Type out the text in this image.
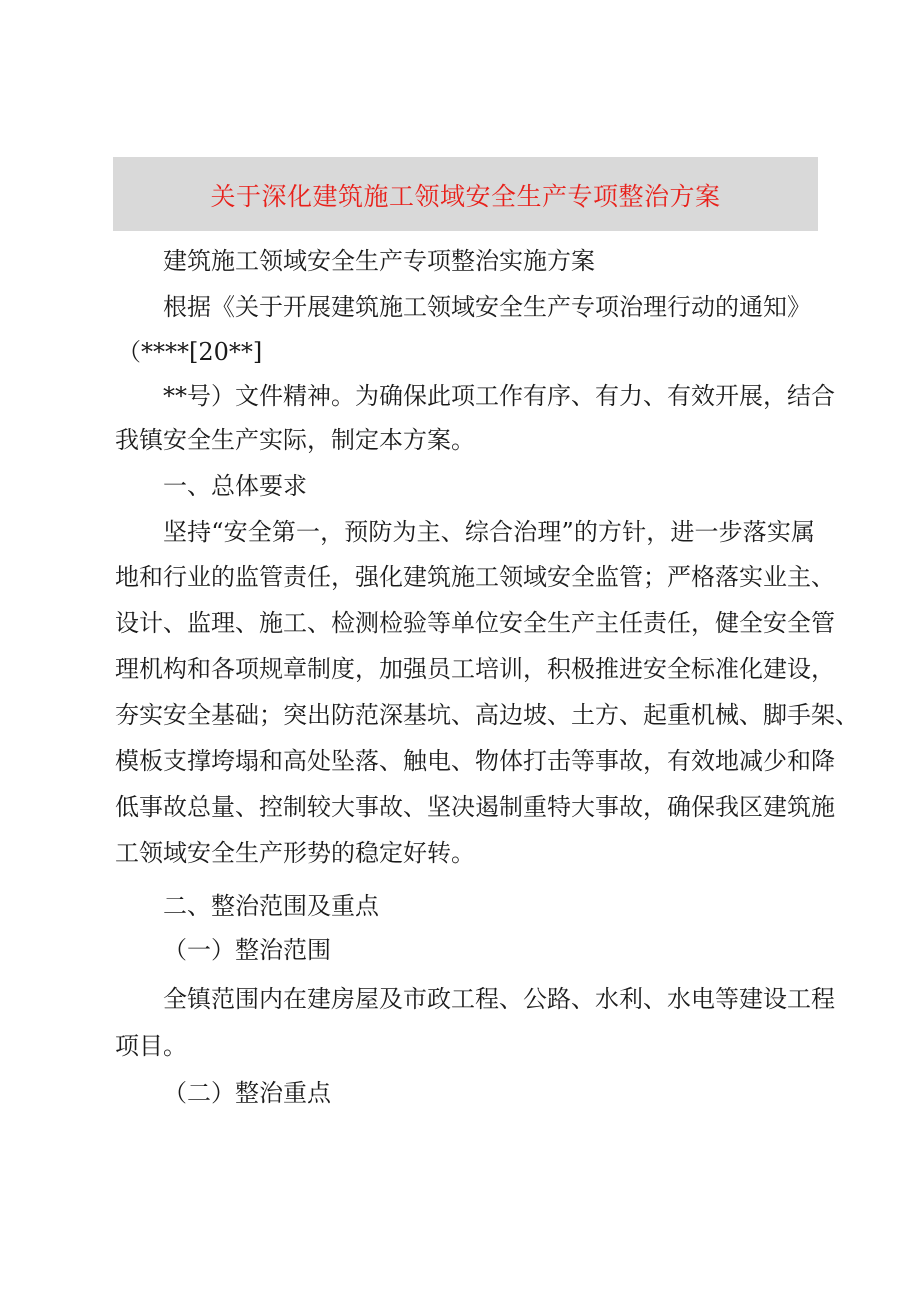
关于深化建筑施工领域安全生产专项整治方案

建筑施工领域安全生产专项整治实施方案

根据《关于开展建筑施工领域安全生产专项治理行动的通知》

（****[20**]

**号）文件精神。为确保此项工作有序、有力、有效开展，结合

我镇安全生产实际，制定本方案。

一、总体要求

坚持“安全第一，预防为主、综合治理”的方针，进一步落实属

地和行业的监管责任，强化建筑施工领域安全监管；严格落实业主、

设计、监理、施工、检测检验等单位安全生产主任责任，健全安全管

理机构和各项规章制度，加强员工培训，积极推进安全标准化建设，

夯实安全基础；突出防范深基坑、高边坡、土方、起重机械、脚手架、

模板支撑垮塌和高处坠落、触电、物体打击等事故，有效地减少和降

低事故总量、控制较大事故、坚决遏制重特大事故，确保我区建筑施

工领域安全生产形势的稳定好转。

二、整治范围及重点

（一）整治范围

全镇范围内在建房屋及市政工程、公路、水利、水电等建设工程

项目。

（二）整治重点
